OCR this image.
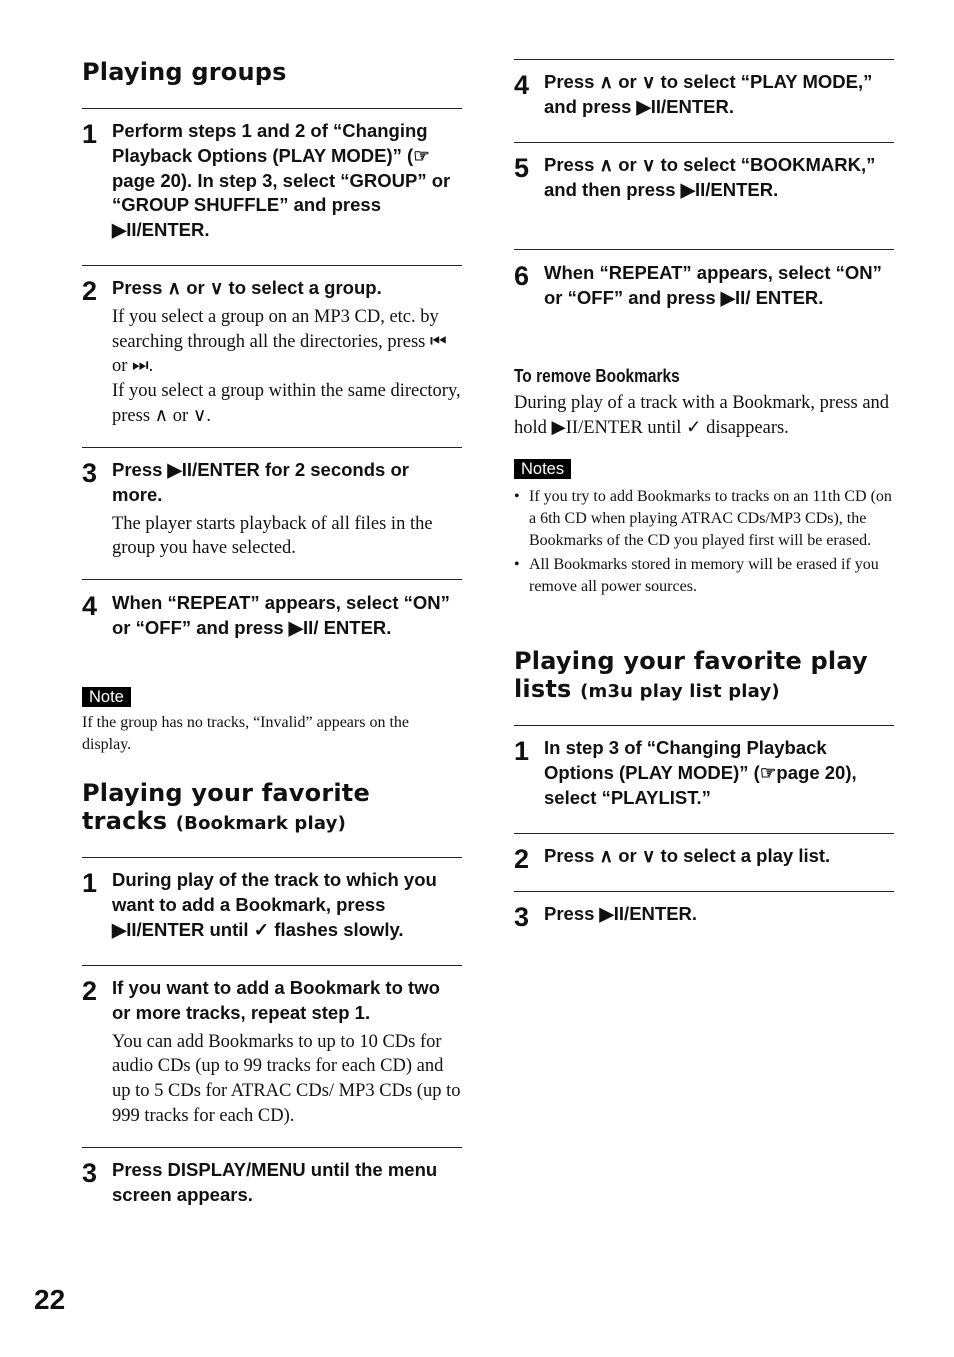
Playing groups
1 Perform steps 1 and 2 of “Changing Playback Options (PLAY MODE)” (☞ page 20). In step 3, select “GROUP” or “GROUP SHUFFLE” and press ▶II/ENTER.
2 Press ∧ or ∨ to select a group.
If you select a group on an MP3 CD, etc. by searching through all the directories, press ⏮ or ⏭.
If you select a group within the same directory, press ∧ or ∨.
3 Press ▶II/ENTER for 2 seconds or more.
The player starts playback of all files in the group you have selected.
4 When “REPEAT” appears, select “ON” or “OFF” and press ▶II/ ENTER.
Note
If the group has no tracks, “Invalid” appears on the display.
Playing your favorite
tracks (Bookmark play)
1 During play of the track to which you want to add a Bookmark, press ▶II/ENTER until ✓ flashes slowly.
2 If you want to add a Bookmark to two or more tracks, repeat step 1.
You can add Bookmarks to up to 10 CDs for audio CDs (up to 99 tracks for each CD) and up to 5 CDs for ATRAC CDs/ MP3 CDs (up to 999 tracks for each CD).
3 Press DISPLAY/MENU until the menu screen appears.
4 Press ∧ or ∨ to select “PLAY MODE,” and press ▶II/ENTER.
5 Press ∧ or ∨ to select “BOOKMARK,” and then press ▶II/ENTER.
6 When “REPEAT” appears, select “ON” or “OFF” and press ▶II/ ENTER.
To remove Bookmarks
During play of a track with a Bookmark, press and hold ▶II/ENTER until ✓ disappears.
Notes
• If you try to add Bookmarks to tracks on an 11th CD (on a 6th CD when playing ATRAC CDs/MP3 CDs), the Bookmarks of the CD you played first will be erased.
• All Bookmarks stored in memory will be erased if you remove all power sources.
Playing your favorite play
lists (m3u play list play)
1 In step 3 of “Changing Playback Options (PLAY MODE)” (☞page 20), select “PLAYLIST.”
2 Press ∧ or ∨ to select a play list.
3 Press ▶II/ENTER.
22
